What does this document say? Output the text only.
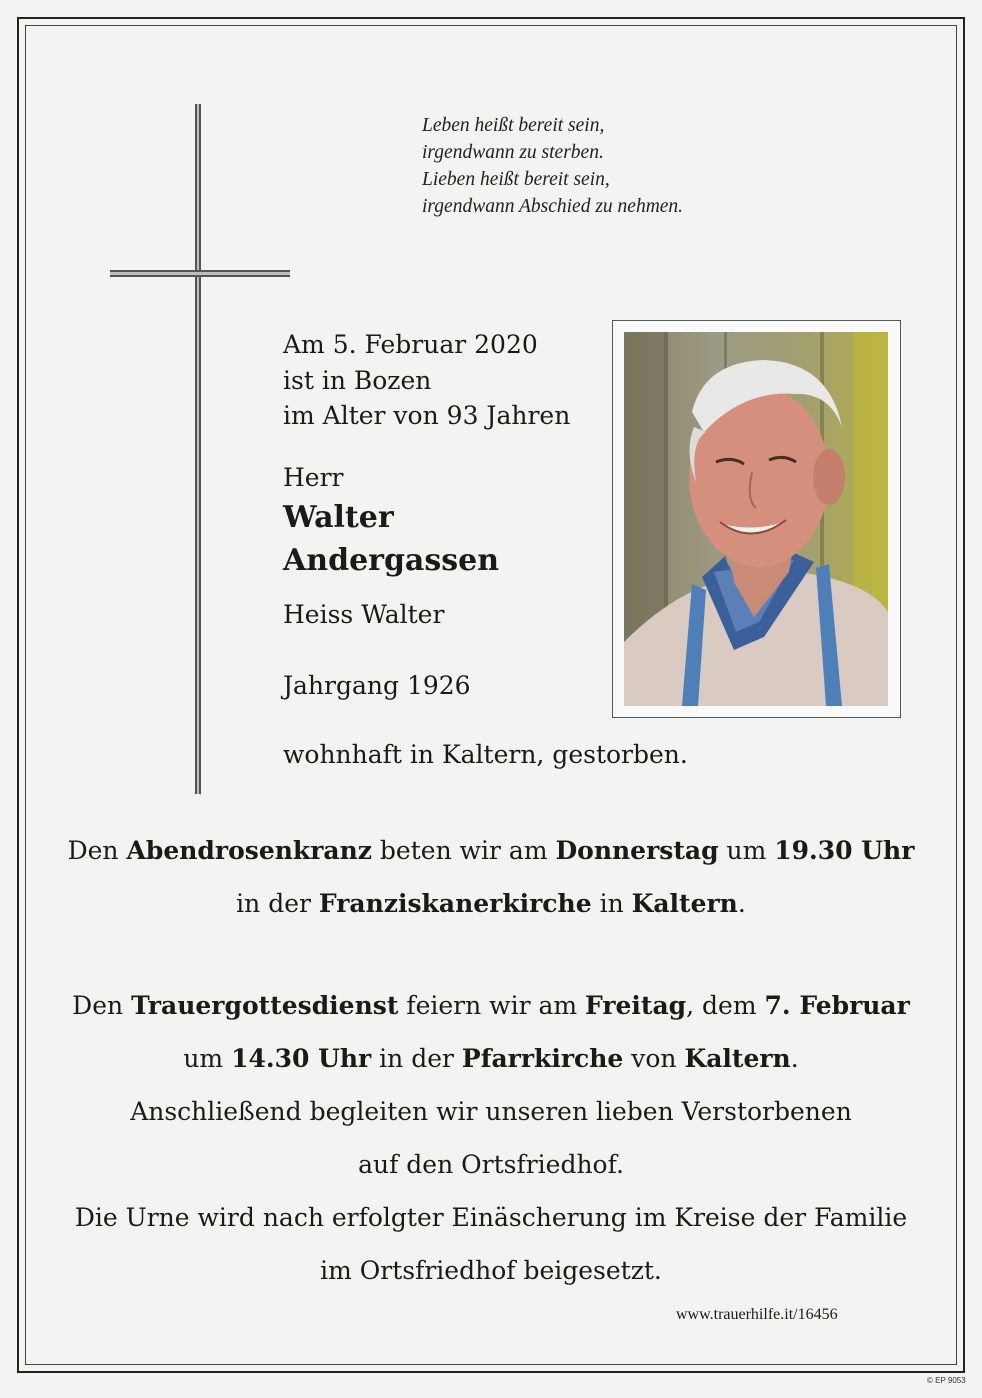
Leben heißt bereit sein,
irgendwann zu sterben.
Lieben heißt bereit sein,
irgendwann Abschied zu nehmen.
Am 5. Februar 2020
ist in Bozen
im Alter von 93 Jahren
Herr
Walter
Andergassen
Heiss Walter
Jahrgang 1926
wohnhaft in Kaltern, gestorben.
Den Abendrosenkranz beten wir am Donnerstag um 19.30 Uhr
in der Franziskanerkirche in Kaltern.
Den Trauergottesdienst feiern wir am Freitag, dem 7. Februar
um 14.30 Uhr in der Pfarrkirche von Kaltern.
Anschließend begleiten wir unseren lieben Verstorbenen
auf den Ortsfriedhof.
Die Urne wird nach erfolgter Einäscherung im Kreise der Familie
im Ortsfriedhof beigesetzt.
www.trauerhilfe.it/16456
© EP 9053
